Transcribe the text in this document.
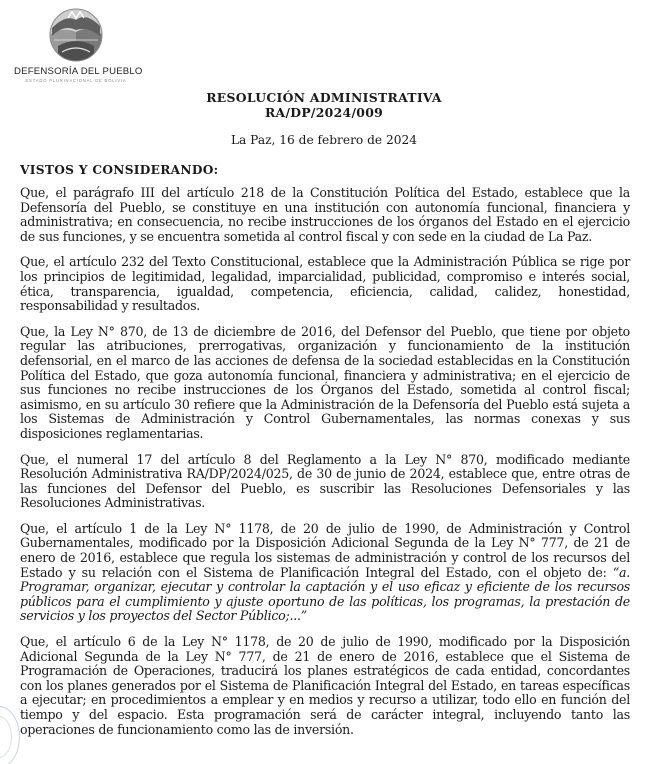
DEFENSORÍA DEL PUEBLO
ESTADO PLURINACIONAL DE BOLIVIA
RESOLUCIÓN ADMINISTRATIVA
RA/DP/2024/009
La Paz, 16 de febrero de 2024
VISTOS Y CONSIDERANDO:

Que, el parágrafo III del artículo 218 de la Constitución Política del Estado, establece que la Defensoría del Pueblo, se constituye en una institución con autonomía funcional, financiera y administrativa; en consecuencia, no recibe instrucciones de los órganos del Estado en el ejercicio de sus funciones, y se encuentra sometida al control fiscal y con sede en la ciudad de La Paz.

Que, el artículo 232 del Texto Constitucional, establece que la Administración Pública se rige por los principios de legitimidad, legalidad, imparcialidad, publicidad, compromiso e interés social, ética, transparencia, igualdad, competencia, eficiencia, calidad, calidez, honestidad, responsabilidad y resultados.

Que, la Ley N° 870, de 13 de diciembre de 2016, del Defensor del Pueblo, que tiene por objeto regular las atribuciones, prerrogativas, organización y funcionamiento de la institución defensorial, en el marco de las acciones de defensa de la sociedad establecidas en la Constitución Política del Estado, que goza autonomía funcional, financiera y administrativa; en el ejercicio de sus funciones no recibe instrucciones de los Órganos del Estado, sometida al control fiscal; asimismo, en su artículo 30 refiere que la Administración de la Defensoría del Pueblo está sujeta a los Sistemas de Administración y Control Gubernamentales, las normas conexas y sus disposiciones reglamentarias.

Que, el numeral 17 del artículo 8 del Reglamento a la Ley N° 870, modificado mediante Resolución Administrativa RA/DP/2024/025, de 30 de junio de 2024, establece que, entre otras de las funciones del Defensor del Pueblo, es suscribir las Resoluciones Defensoriales y las Resoluciones Administrativas.

Que, el artículo 1 de la Ley N° 1178, de 20 de julio de 1990, de Administración y Control Gubernamentales, modificado por la Disposición Adicional Segunda de la Ley N° 777, de 21 de enero de 2016, establece que regula los sistemas de administración y control de los recursos del Estado y su relación con el Sistema de Planificación Integral del Estado, con el objeto de: “a. Programar, organizar, ejecutar y controlar la captación y el uso eficaz y eficiente de los recursos públicos para el cumplimiento y ajuste oportuno de las políticas, los programas, la prestación de servicios y los proyectos del Sector Público;...”

Que, el artículo 6 de la Ley N° 1178, de 20 de julio de 1990, modificado por la Disposición Adicional Segunda de la Ley N° 777, de 21 de enero de 2016, establece que el Sistema de Programación de Operaciones, traducirá los planes estratégicos de cada entidad, concordantes con los planes generados por el Sistema de Planificación Integral del Estado, en tareas específicas a ejecutar; en procedimientos a emplear y en medios y recurso a utilizar, todo ello en función del tiempo y del espacio. Esta programación será de carácter integral, incluyendo tanto las operaciones de funcionamiento como las de inversión.
